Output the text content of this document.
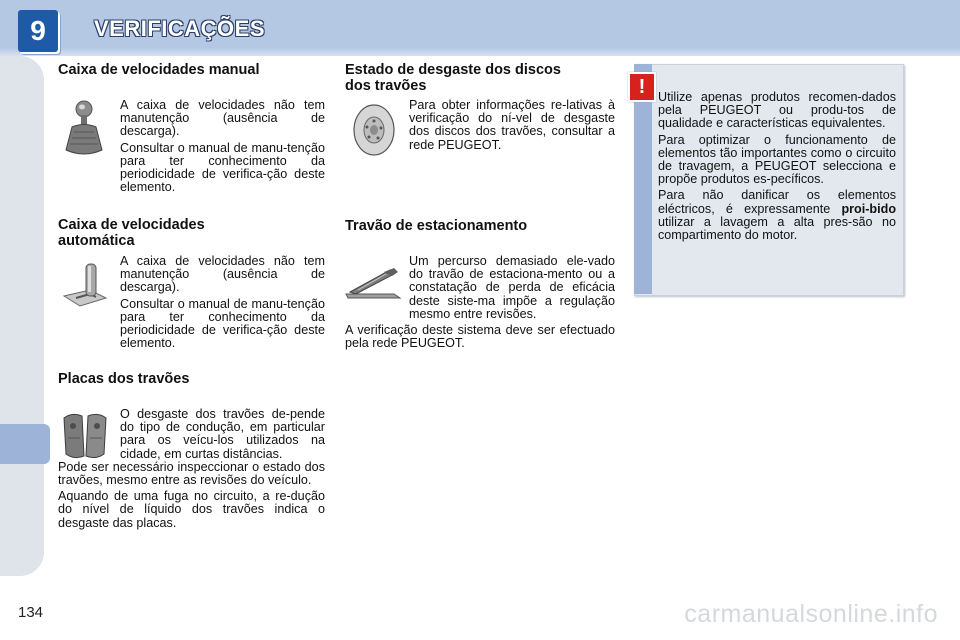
9	VERIFICAÇÕES
Caixa de velocidades manual

A caixa de velocidades não tem manutenção (ausência de descarga).

Consultar o manual de manu-tenção para ter conhecimento da periodicidade de verifica-ção deste elemento.

Caixa de velocidades
automática

A caixa de velocidades não tem manutenção (ausência de descarga).

Consultar o manual de manu-tenção para ter conhecimento da periodicidade de verifica-ção deste elemento.

Placas dos travões

O desgaste dos travões de-pende do tipo de condução, em particular para os veícu-los utilizados na cidade, em curtas distâncias.
Pode ser necessário inspeccionar o estado dos travões, mesmo entre as revisões do veículo.

Aquando de uma fuga no circuito, a re-dução do nível de líquido dos travões indica o desgaste das placas.

Estado de desgaste dos discos
dos travões

Para obter informações re-lativas à verificação do ní-vel de desgaste dos discos dos travões, consultar a rede PEUGEOT.

Travão de estacionamento

Um percurso demasiado ele-vado do travão de estaciona-mento ou a constatação de perda de eficácia deste siste-ma impõe a regulação mesmo entre revisões.

A verificação deste sistema deve ser efectuado pela rede PEUGEOT.

!	Utilize apenas produtos recomen-dados pela PEUGEOT ou produ-tos de qualidade e características equivalentes.

Para optimizar o funcionamento de elementos tão importantes como o circuito de travagem, a PEUGEOT selecciona e propõe produtos es-pecíficos.

Para não danificar os elementos eléctricos, é expressamente proi-bido utilizar a lavagem a alta pres-são no compartimento do motor.

134	carmanualsonline.info
